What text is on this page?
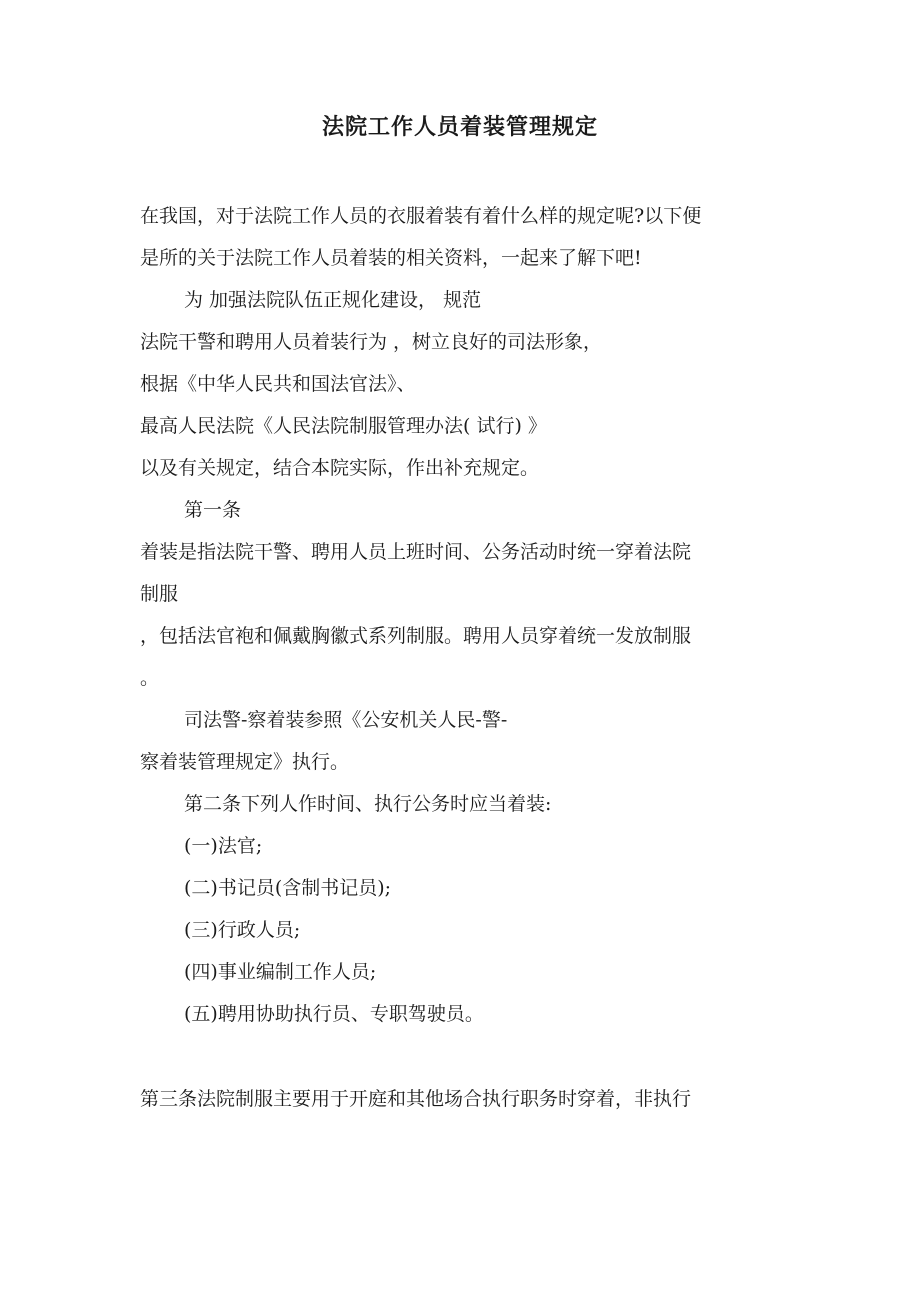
法院工作人员着装管理规定
在我国，对于法院工作人员的衣服着装有着什么样的规定呢?以下便
是所的关于法院工作人员着装的相关资料，一起来了解下吧!
为 加强法院队伍正规化建设， 规范
法院干警和聘用人员着装行为 ，树立良好的司法形象，
根据《中华人民共和国法官法》、
最高人民法院《人民法院制服管理办法( 试行) 》
以及有关规定，结合本院实际，作出补充规定。
第一条
着装是指法院干警、聘用人员上班时间、公务活动时统一穿着法院
制服
，包括法官袍和佩戴胸徽式系列制服。聘用人员穿着统一发放制服
。
司法警-察着装参照《公安机关人民-警-
察着装管理规定》执行。
第二条下列人作时间、执行公务时应当着装:
(一)法官;
(二)书记员(含制书记员);
(三)行政人员;
(四)事业编制工作人员;
(五)聘用协助执行员、专职驾驶员。
第三条法院制服主要用于开庭和其他场合执行职务时穿着，非执行
